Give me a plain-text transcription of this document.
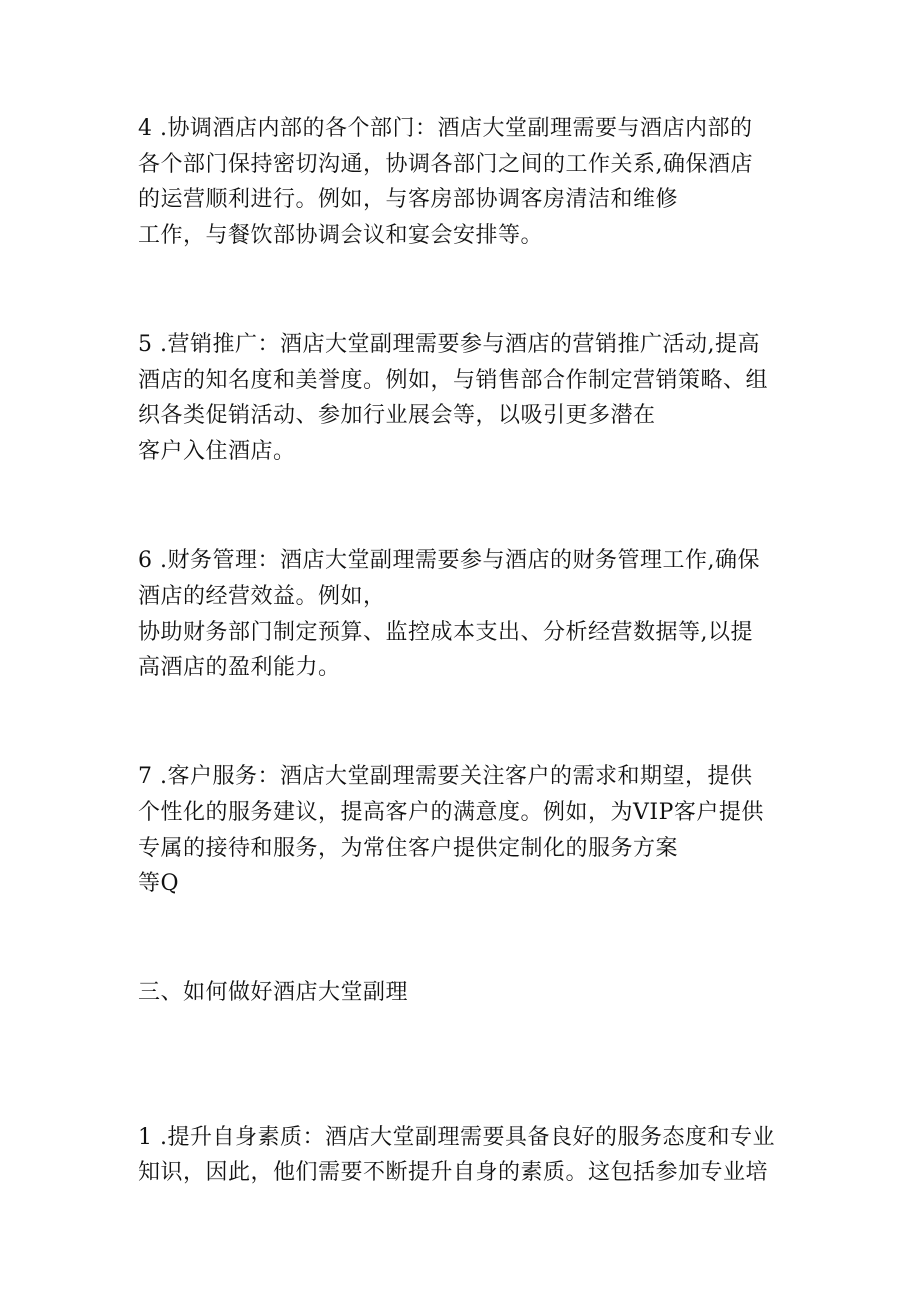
4 .协调酒店内部的各个部门：酒店大堂副理需要与酒店内部的
各个部门保持密切沟通，协调各部门之间的工作关系,确保酒店
的运营顺利进行。例如，与客房部协调客房清洁和维修
工作，与餐饮部协调会议和宴会安排等。
5 .营销推广：酒店大堂副理需要参与酒店的营销推广活动,提高
酒店的知名度和美誉度。例如，与销售部合作制定营销策略、组
织各类促销活动、参加行业展会等，以吸引更多潜在
客户入住酒店。
6 .财务管理：酒店大堂副理需要参与酒店的财务管理工作,确保
酒店的经营效益。例如，
协助财务部门制定预算、监控成本支出、分析经营数据等,以提
高酒店的盈利能力。
7 .客户服务：酒店大堂副理需要关注客户的需求和期望，提供
个性化的服务建议，提高客户的满意度。例如，为VIP客户提供
专属的接待和服务，为常住客户提供定制化的服务方案
等Q
三、如何做好酒店大堂副理
1 .提升自身素质：酒店大堂副理需要具备良好的服务态度和专业
知识，因此，他们需要不断提升自身的素质。这包括参加专业培
